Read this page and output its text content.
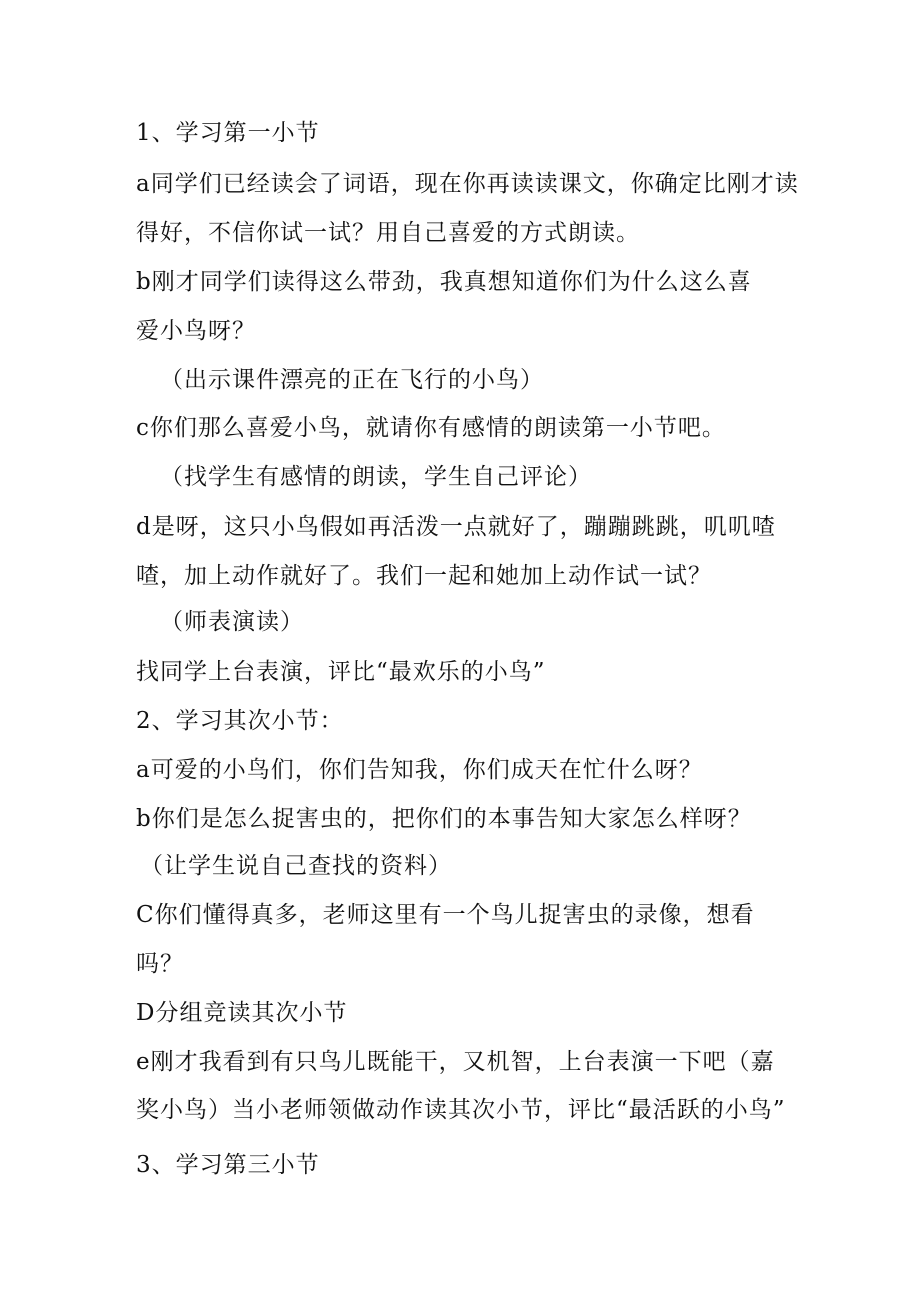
1、学习第一小节
a同学们已经读会了词语，现在你再读读课文，你确定比刚才读
得好，不信你试一试？用自己喜爱的方式朗读。
b刚才同学们读得这么带劲，我真想知道你们为什么这么喜
爱小鸟呀？
（出示课件漂亮的正在飞行的小鸟）
c你们那么喜爱小鸟，就请你有感情的朗读第一小节吧。
（找学生有感情的朗读，学生自己评论）
d是呀，这只小鸟假如再活泼一点就好了，蹦蹦跳跳，叽叽喳
喳，加上动作就好了。我们一起和她加上动作试一试？
（师表演读）
找同学上台表演，评比“最欢乐的小鸟”
2、学习其次小节：
a可爱的小鸟们，你们告知我，你们成天在忙什么呀？
b你们是怎么捉害虫的，把你们的本事告知大家怎么样呀？
（让学生说自己查找的资料）
C你们懂得真多，老师这里有一个鸟儿捉害虫的录像，想看
吗？
D分组竞读其次小节
e刚才我看到有只鸟儿既能干，又机智，上台表演一下吧（嘉
奖小鸟）当小老师领做动作读其次小节，评比“最活跃的小鸟”
3、学习第三小节
